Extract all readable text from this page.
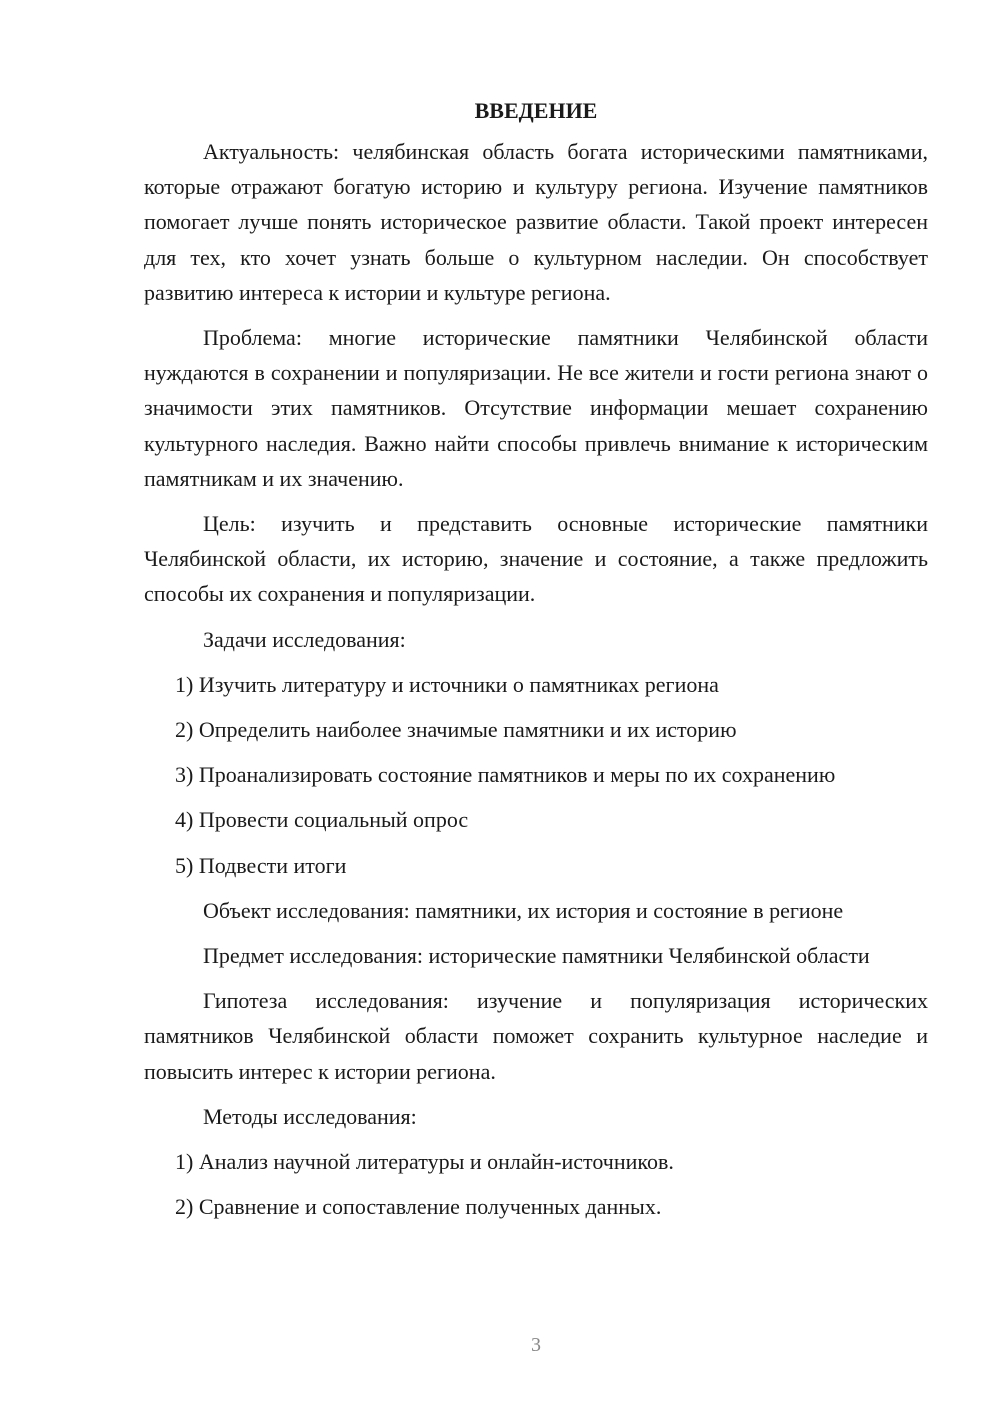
ВВЕДЕНИЕ

Актуальность: челябинская область богата историческими памятниками, которые отражают богатую историю и культуру региона. Изучение памятников помогает лучше понять историческое развитие области. Такой проект интересен для тех, кто хочет узнать больше о культурном наследии. Он способствует развитию интереса к истории и культуре региона.

Проблема: многие исторические памятники Челябинской области нуждаются в сохранении и популяризации. Не все жители и гости региона знают о значимости этих памятников. Отсутствие информации мешает сохранению культурного наследия. Важно найти способы привлечь внимание к историческим памятникам и их значению.

Цель: изучить и представить основные исторические памятники Челябинской области, их историю, значение и состояние, а также предложить способы их сохранения и популяризации.

Задачи исследования:

1) Изучить литературу и источники о памятниках региона
2) Определить наиболее значимые памятники и их историю
3) Проанализировать состояние памятников и меры по их сохранению
4) Провести социальный опрос
5) Подвести итоги

Объект исследования: памятники, их история и состояние в регионе

Предмет исследования: исторические памятники Челябинской области

Гипотеза исследования: изучение и популяризация исторических памятников Челябинской области поможет сохранить культурное наследие и повысить интерес к истории региона.

Методы исследования:

1) Анализ научной литературы и онлайн-источников.
2) Сравнение и сопоставление полученных данных.
3
